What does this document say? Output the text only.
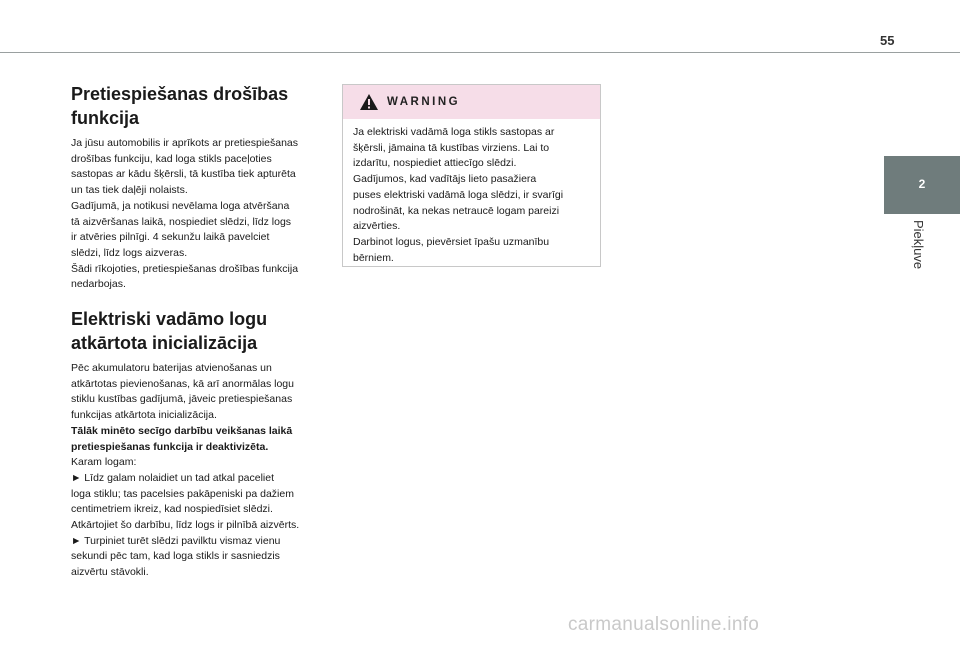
55
2
Piekļuve
Pretiespiešanas drošības
funkcija
Ja jūsu automobilis ir aprīkots ar pretiespiešanas
drošības funkciju, kad loga stikls paceļoties
sastopas ar kādu šķērsli, tā kustība tiek apturēta
un tas tiek daļēji nolaists.
Gadījumā, ja notikusi nevēlama loga atvēršana
tā aizvēršanas laikā, nospiediet slēdzi, līdz logs
ir atvēries pilnīgi. 4 sekunžu laikā pavelciet
slēdzi, līdz logs aizveras.
Šādi rīkojoties, pretiespiešanas drošības funkcija
nedarbojas.
Elektriski vadāmo logu
atkārtota inicializācija
Pēc akumulatoru baterijas atvienošanas un
atkārtotas pievienošanas, kā arī anormālas logu
stiklu kustības gadījumā, jāveic pretiespiešanas
funkcijas atkārtota inicializācija.
Tālāk minēto secīgo darbību veikšanas laikā
pretiespiešanas funkcija ir deaktivizēta.
Karam logam:
► Līdz galam nolaidiet un tad atkal paceliet
loga stiklu; tas pacelsies pakāpeniski pa dažiem
centimetriem ikreiz, kad nospiedīsiet slēdzi.
Atkārtojiet šo darbību, līdz logs ir pilnībā aizvērts.
► Turpiniet turēt slēdzi pavilktu vismaz vienu
sekundi pēc tam, kad loga stikls ir sasniedzis
aizvērtu stāvokli.
WARNING
Ja elektriski vadāmā loga stikls sastopas ar
šķērsli, jāmaina tā kustības virziens. Lai to
izdarītu, nospiediet attiecīgo slēdzi.
Gadījumos, kad vadītājs lieto pasažiera
puses elektriski vadāmā loga slēdzi, ir svarīgi
nodrošināt, ka nekas netraucē logam pareizi
aizvērties.
Darbinot logus, pievērsiet īpašu uzmanību
bērniem.
carmanualsonline.info
